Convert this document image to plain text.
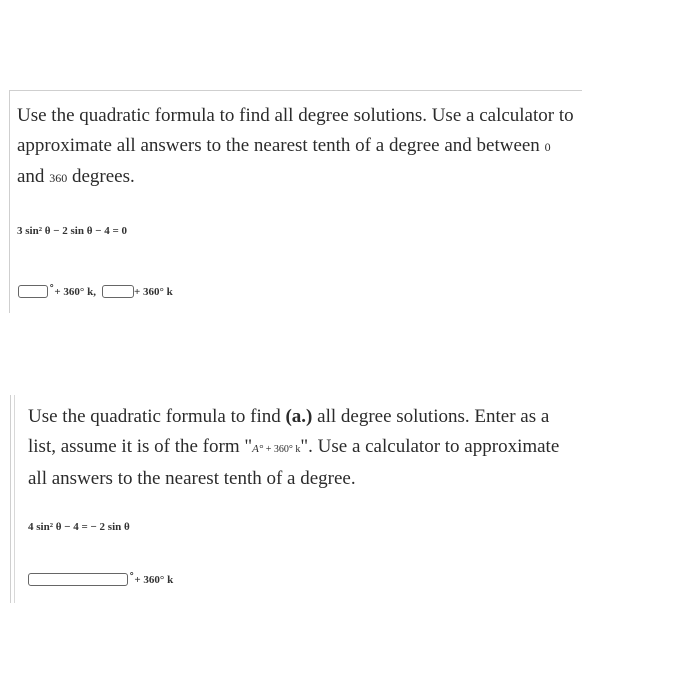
Use the quadratic formula to find all degree solutions. Use a calculator to approximate all answers to the nearest tenth of a degree and between 0 and 360 degrees.
3 sin² θ − 2 sin θ − 4 = 0
∘ + 360° k,	+ 360° k
Use the quadratic formula to find (a.) all degree solutions. Enter as a list, assume it is of the form "A° + 360° k". Use a calculator to approximate all answers to the nearest tenth of a degree.
4 sin² θ − 4 = − 2 sin θ
∘ + 360° k
